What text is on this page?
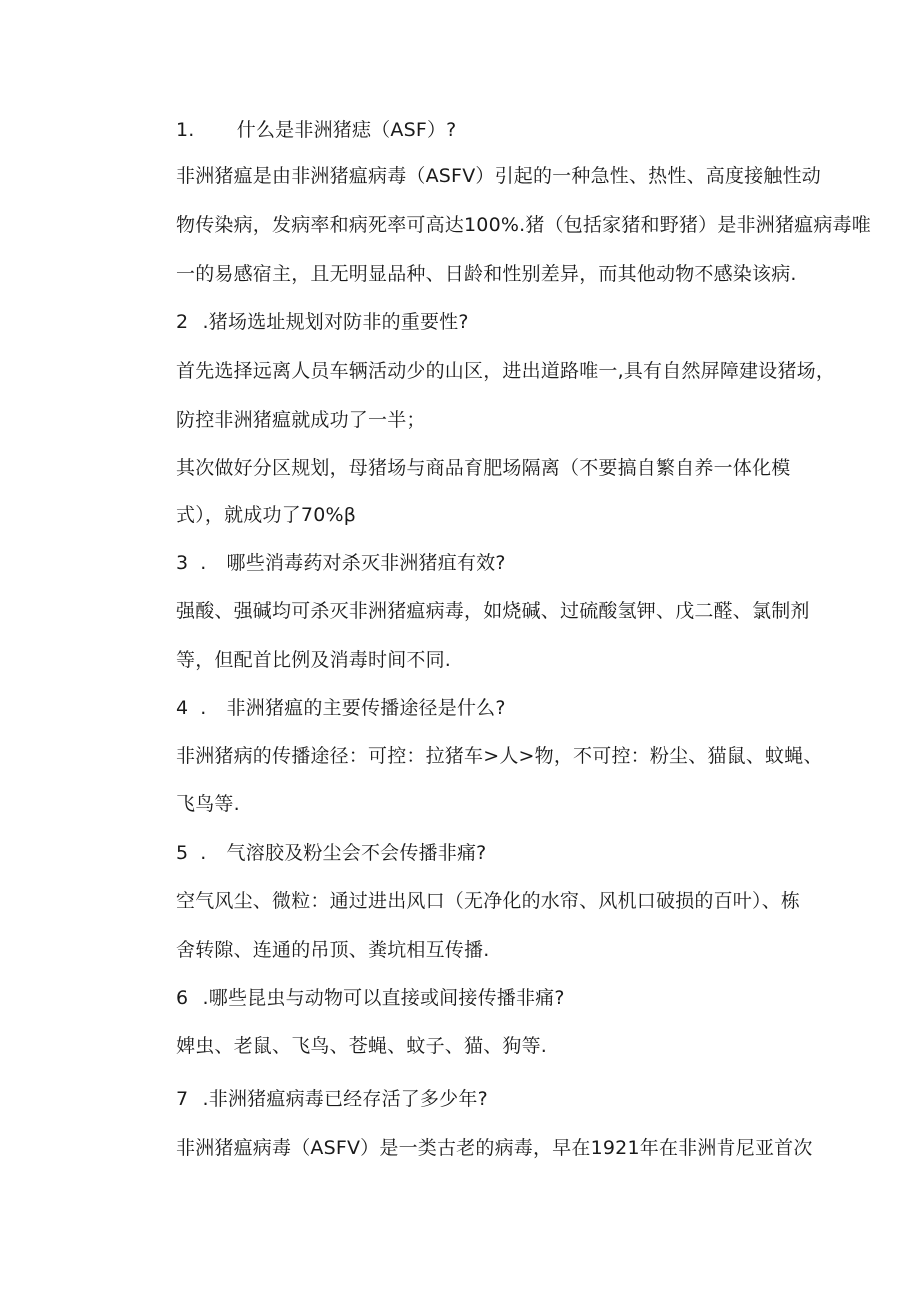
1. 什么是非洲猪痣（ASF）?
非洲猪瘟是由非洲猪瘟病毒（ASFV）引起的一种急性、热性、高度接触性动
物传染病，发病率和病死率可高达100%.猪（包括家猪和野猪）是非洲猪瘟病毒唯
一的易感宿主，且无明显品种、日龄和性别差异，而其他动物不感染该病.
2 .猪场选址规划对防非的重要性?
首先选择远离人员车辆活动少的山区，进出道路唯一,具有自然屏障建设猪场，
防控非洲猪瘟就成功了一半；
其次做好分区规划，母猪场与商品育肥场隔离（不要搞自繁自养一体化模
式），就成功了70%β
3 . 哪些消毒药对杀灭非洲猪疽有效?
强酸、强碱均可杀灭非洲猪瘟病毒，如烧碱、过硫酸氢钾、戊二醛、氯制剂
等，但配首比例及消毒时间不同.
4 . 非洲猪瘟的主要传播途径是什么?
非洲猪病的传播途径：可控：拉猪车>人>物，不可控：粉尘、猫鼠、蚊蝇、
飞鸟等.
5 . 气溶胶及粉尘会不会传播非痛?
空气风尘、微粒：通过进出风口（无净化的水帘、风机口破损的百叶）、栋
舍转隙、连通的吊顶、粪坑相互传播.
6 .哪些昆虫与动物可以直接或间接传播非痛?
婢虫、老鼠、飞鸟、苍蝇、蚊子、猫、狗等.
7 .非洲猪瘟病毒已经存活了多少年?
非洲猪瘟病毒（ASFV）是一类古老的病毒，早在1921年在非洲肯尼亚首次
